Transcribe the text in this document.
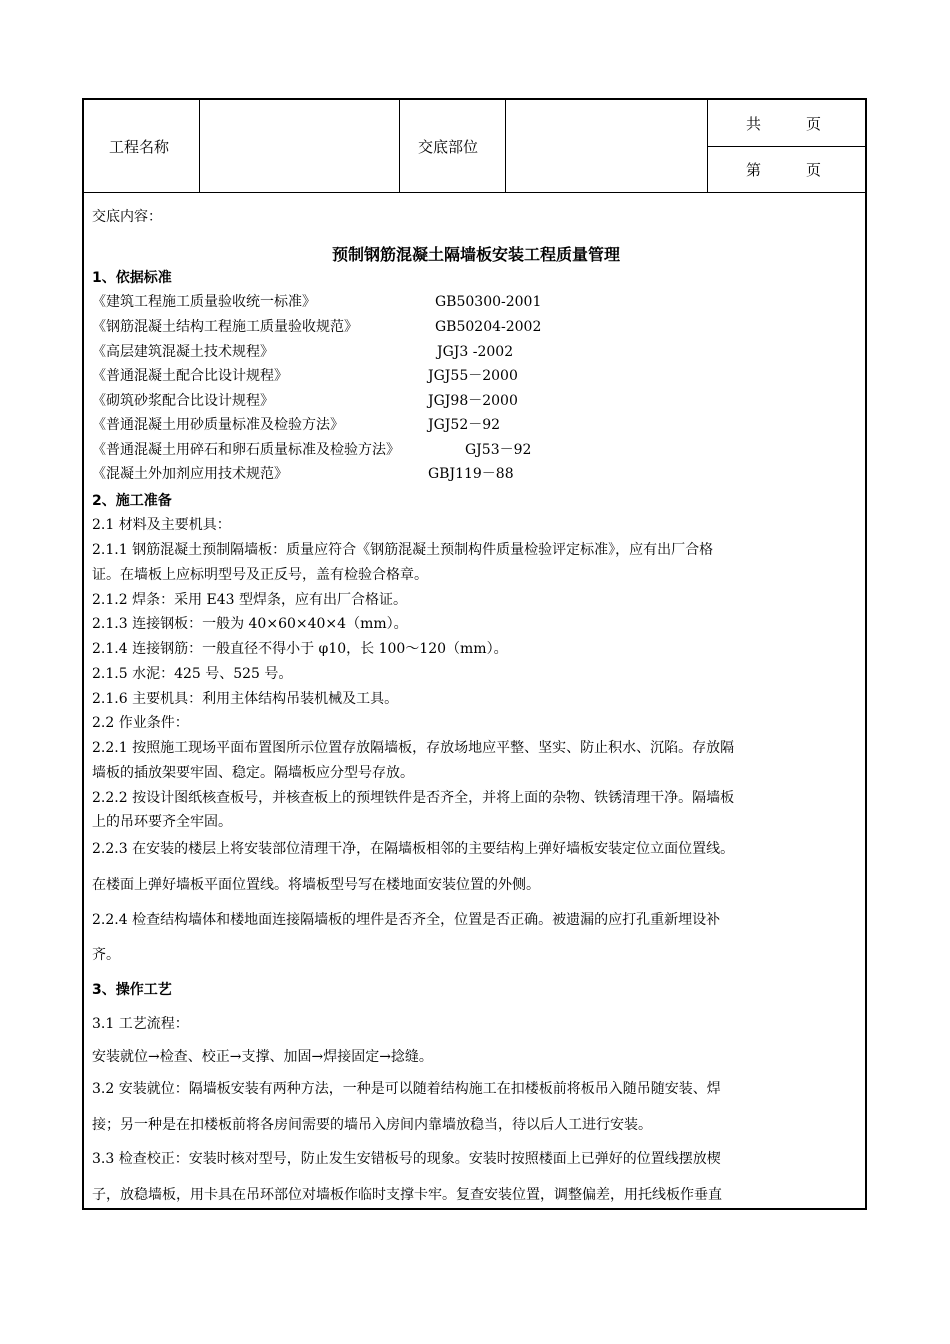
工程名称	交底部位
共　　　页
第　　　页
交底内容：
预制钢筋混凝土隔墙板安装工程质量管理
1、依据标准
《建筑工程施工质量验收统一标准》	GB50300-2001
《钢筋混凝土结构工程施工质量验收规范》	GB50204-2002
《高层建筑混凝土技术规程》	JGJ3 -2002
《普通混凝土配合比设计规程》	JGJ55－2000
《砌筑砂浆配合比设计规程》	JGJ98－2000
《普通混凝土用砂质量标准及检验方法》	JGJ52－92
《普通混凝土用碎石和卵石质量标准及检验方法》	GJ53－92
《混凝土外加剂应用技术规范》	GBJ119－88
2、施工准备
2.1 材料及主要机具：
2.1.1 钢筋混凝土预制隔墙板：质量应符合《钢筋混凝土预制构件质量检验评定标准》，应有出厂合格
证。在墙板上应标明型号及正反号，盖有检验合格章。
2.1.2 焊条：采用 E43 型焊条，应有出厂合格证。
2.1.3 连接钢板：一般为 40×60×40×4（mm）。
2.1.4 连接钢筋：一般直径不得小于 φ10，长 100～120（mm）。
2.1.5 水泥：425 号、525 号。
2.1.6 主要机具：利用主体结构吊装机械及工具。
2.2 作业条件：
2.2.1 按照施工现场平面布置图所示位置存放隔墙板，存放场地应平整、坚实、防止积水、沉陷。存放隔
墙板的插放架要牢固、稳定。隔墙板应分型号存放。
2.2.2 按设计图纸核查板号，并核查板上的预埋铁件是否齐全，并将上面的杂物、铁锈清理干净。隔墙板
上的吊环要齐全牢固。
2.2.3 在安装的楼层上将安装部位清理干净，在隔墙板相邻的主要结构上弹好墙板安装定位立面位置线。
在楼面上弹好墙板平面位置线。将墙板型号写在楼地面安装位置的外侧。
2.2.4 检查结构墙体和楼地面连接隔墙板的埋件是否齐全，位置是否正确。被遗漏的应打孔重新埋设补
齐。
3、操作工艺
3.1 工艺流程：
安装就位→检查、校正→支撑、加固→焊接固定→捻缝。
3.2 安装就位：隔墙板安装有两种方法，一种是可以随着结构施工在扣楼板前将板吊入随吊随安装、焊
接；另一种是在扣楼板前将各房间需要的墙吊入房间内靠墙放稳当，待以后人工进行安装。
3.3 检查校正：安装时核对型号，防止发生安错板号的现象。安装时按照楼面上已弹好的位置线摆放楔
子，放稳墙板，用卡具在吊环部位对墙板作临时支撑卡牢。复查安装位置，调整偏差，用托线板作垂直
